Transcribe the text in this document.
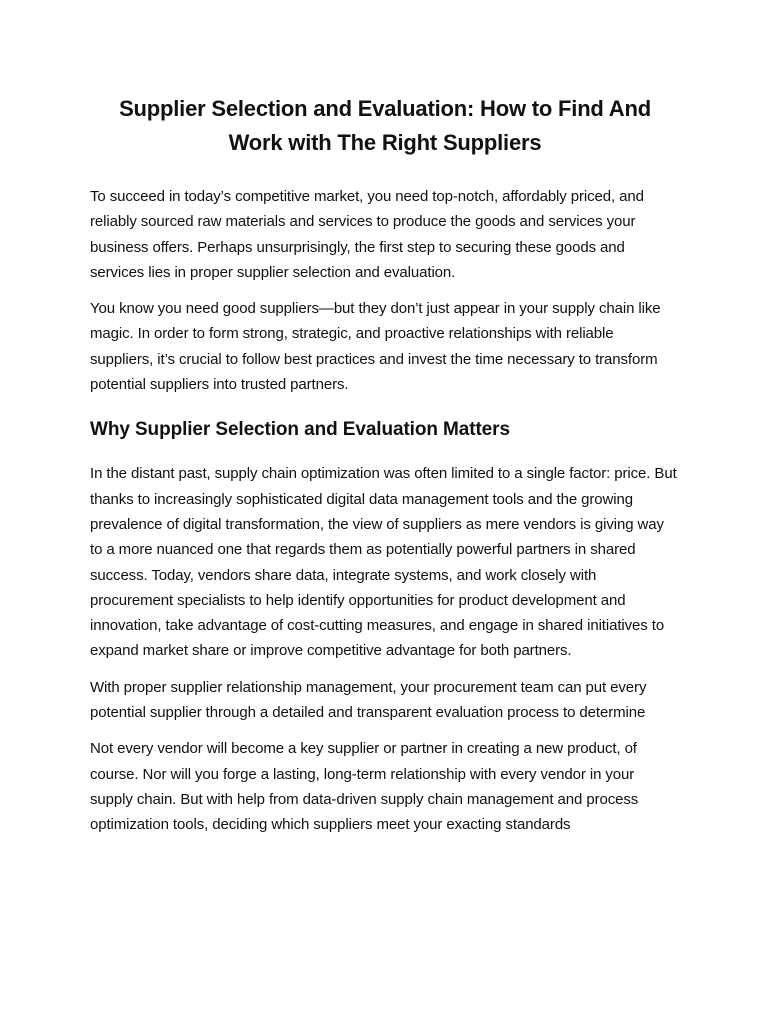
Supplier Selection and Evaluation: How to Find And Work with The Right Suppliers

To succeed in today’s competitive market, you need top-notch, affordably priced, and reliably sourced raw materials and services to produce the goods and services your business offers. Perhaps unsurprisingly, the first step to securing these goods and services lies in proper supplier selection and evaluation.

You know you need good suppliers—but they don’t just appear in your supply chain like magic. In order to form strong, strategic, and proactive relationships with reliable suppliers, it’s crucial to follow best practices and invest the time necessary to transform potential suppliers into trusted partners.

Why Supplier Selection and Evaluation Matters

In the distant past, supply chain optimization was often limited to a single factor: price. But thanks to increasingly sophisticated digital data management tools and the growing prevalence of digital transformation, the view of suppliers as mere vendors is giving way to a more nuanced one that regards them as potentially powerful partners in shared success. Today, vendors share data, integrate systems, and work closely with procurement specialists to help identify opportunities for product development and innovation, take advantage of cost-cutting measures, and engage in shared initiatives to expand market share or improve competitive advantage for both partners.

With proper supplier relationship management, your procurement team can put every potential supplier through a detailed and transparent evaluation process to determine

Not every vendor will become a key supplier or partner in creating a new product, of course. Nor will you forge a lasting, long-term relationship with every vendor in your supply chain. But with help from data-driven supply chain management and process optimization tools, deciding which suppliers meet your exacting standards
